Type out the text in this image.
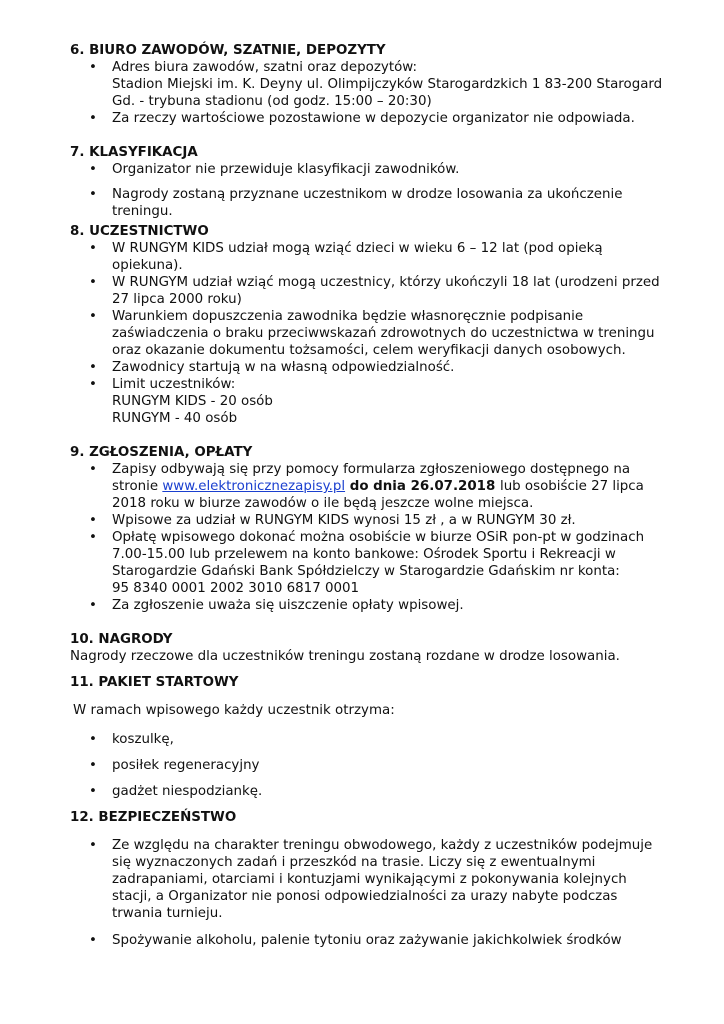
6. BIURO ZAWODÓW, SZATNIE, DEPOZYTY

• Adres biura zawodów, szatni oraz depozytów:
Stadion Miejski im. K. Deyny ul. Olimpijczyków Starogardzkich 1 83-200 Starogard
Gd. - trybuna stadionu (od godz. 15:00 – 20:30)
• Za rzeczy wartościowe pozostawione w depozycie organizator nie odpowiada.

7. KLASYFIKACJA

• Organizator nie przewiduje klasyfikacji zawodników.
• Nagrody zostaną przyznane uczestnikom w drodze losowania za ukończenie
treningu.

8. UCZESTNICTWO

• W RUNGYM KIDS udział mogą wziąć dzieci w wieku 6 – 12 lat (pod opieką
opiekuna).
• W RUNGYM udział wziąć mogą uczestnicy, którzy ukończyli 18 lat (urodzeni przed
27 lipca 2000 roku)
• Warunkiem dopuszczenia zawodnika będzie własnoręcznie podpisanie
zaświadczenia o braku przeciwwskazań zdrowotnych do uczestnictwa w treningu
oraz okazanie dokumentu tożsamości, celem weryfikacji danych osobowych.
• Zawodnicy startują w na własną odpowiedzialność.
• Limit uczestników:
RUNGYM KIDS - 20 osób
RUNGYM - 40 osób

9. ZGŁOSZENIA, OPŁATY

• Zapisy odbywają się przy pomocy formularza zgłoszeniowego dostępnego na
stronie www.elektronicznezapisy.pl do dnia 26.07.2018 lub osobiście 27 lipca
2018 roku w biurze zawodów o ile będą jeszcze wolne miejsca.
• Wpisowe za udział w RUNGYM KIDS wynosi 15 zł , a w RUNGYM 30 zł.
• Opłatę wpisowego dokonać można osobiście w biurze OSiR pon-pt w godzinach
7.00-15.00 lub przelewem na konto bankowe: Ośrodek Sportu i Rekreacji w
Starogardzie Gdański Bank Spółdzielczy w Starogardzie Gdańskim nr konta:
95 8340 0001 2002 3010 6817 0001
• Za zgłoszenie uważa się uiszczenie opłaty wpisowej.

10. NAGRODY

Nagrody rzeczowe dla uczestników treningu zostaną rozdane w drodze losowania.

11. PAKIET STARTOWY

W ramach wpisowego każdy uczestnik otrzyma:

• koszulkę,
• posiłek regeneracyjny
• gadżet niespodziankę.

12. BEZPIECZEŃSTWO

• Ze względu na charakter treningu obwodowego, każdy z uczestników podejmuje
się wyznaczonych zadań i przeszkód na trasie. Liczy się z ewentualnymi
zadrapaniami, otarciami i kontuzjami wynikającymi z pokonywania kolejnych
stacji, a Organizator nie ponosi odpowiedzialności za urazy nabyte podczas
trwania turnieju.
• Spożywanie alkoholu, palenie tytoniu oraz zażywanie jakichkolwiek środków
